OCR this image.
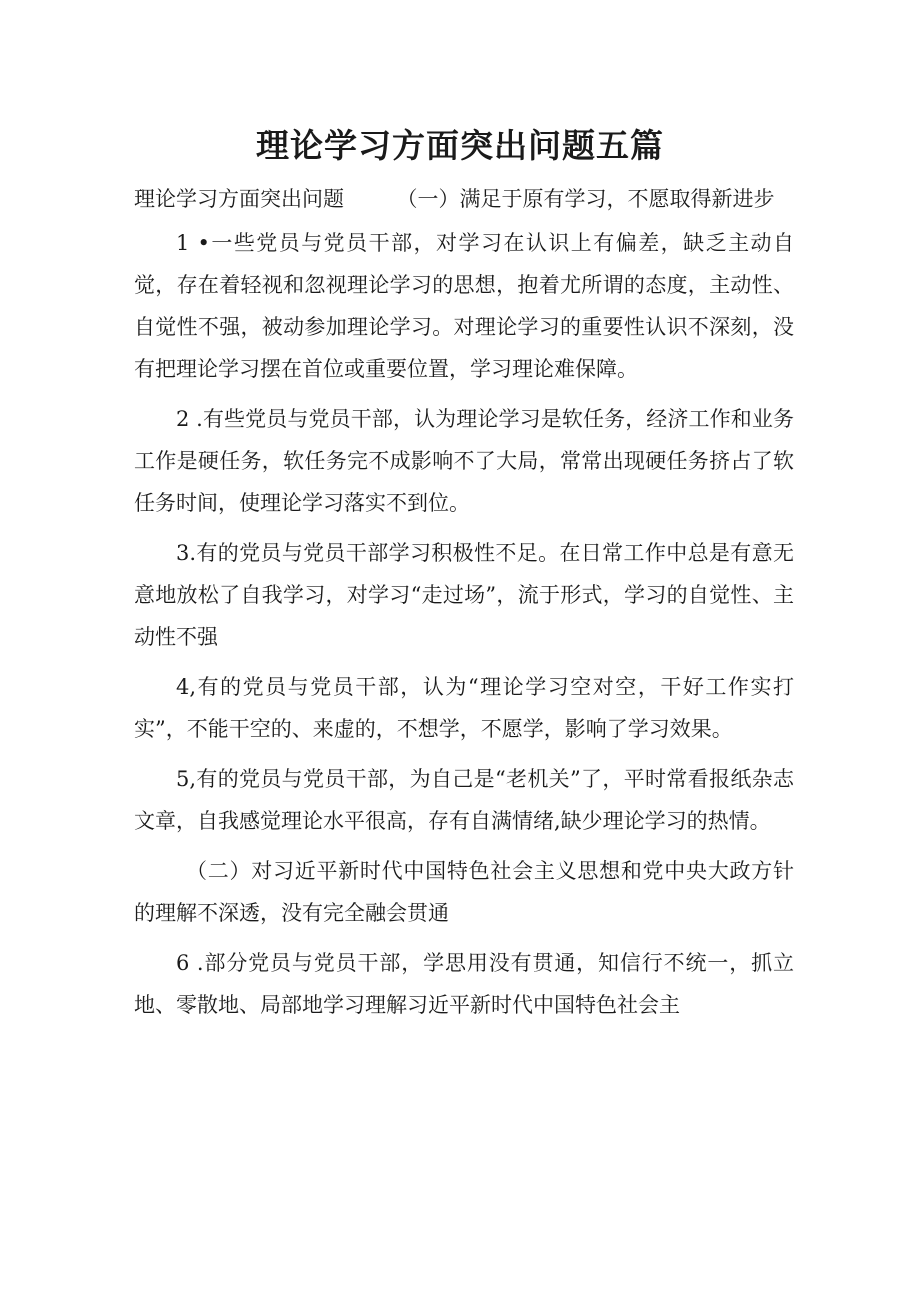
理论学习方面突出问题五篇

理论学习方面突出问题　　　（一）满足于原有学习，不愿取得新进步

1 •一些党员与党员干部，对学习在认识上有偏差，缺乏主动自觉，存在着轻视和忽视理论学习的思想，抱着尤所谓的态度，主动性、自觉性不强，被动参加理论学习。对理论学习的重要性认识不深刻，没有把理论学习摆在首位或重要位置，学习理论难保障。

2 .有些党员与党员干部，认为理论学习是软任务，经济工作和业务工作是硬任务，软任务完不成影响不了大局，常常出现硬任务挤占了软任务时间，使理论学习落实不到位。

3.有的党员与党员干部学习积极性不足。在日常工作中总是有意无意地放松了自我学习，对学习“走过场”，流于形式，学习的自觉性、主动性不强

4,有的党员与党员干部，认为“理论学习空对空，干好工作实打实”，不能干空的、来虚的，不想学，不愿学，影响了学习效果。

5,有的党员与党员干部，为自己是“老机关”了，平时常看报纸杂志文章，自我感觉理论水平很高，存有自满情绪,缺少理论学习的热情。

（二）对习近平新时代中国特色社会主义思想和党中央大政方针的理解不深透，没有完全融会贯通

6 .部分党员与党员干部，学思用没有贯通，知信行不统一，抓立地、零散地、局部地学习理解习近平新时代中国特色社会主
